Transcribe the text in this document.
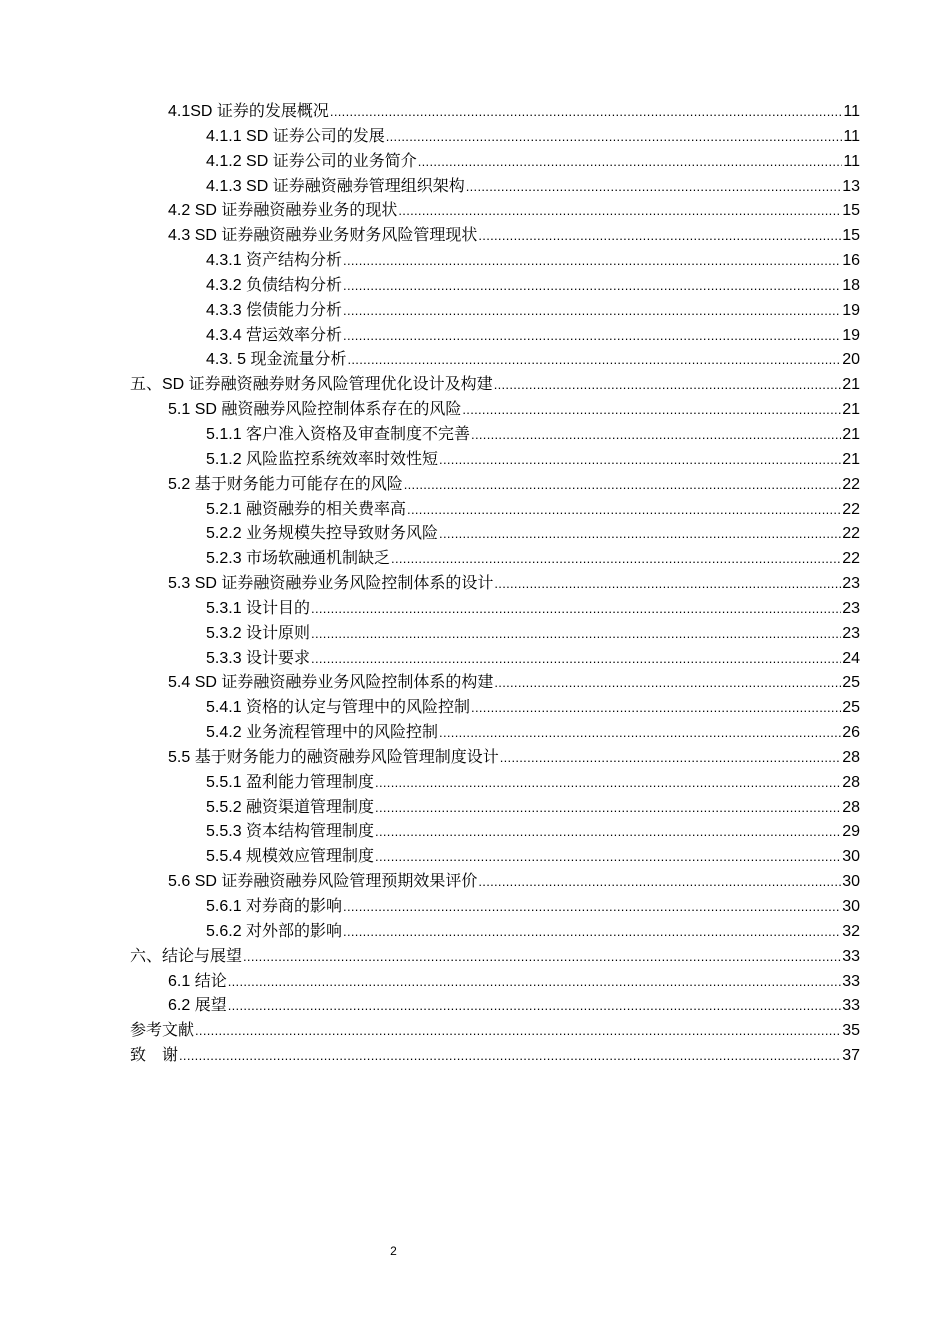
4.1SD 证券的发展概况 .....	11
4.1.1 SD 证券公司的发展 .....	11
4.1.2 SD 证券公司的业务简介 .....	11
4.1.3 SD 证券融资融券管理组织架构 .....	13
4.2 SD 证券融资融券业务的现状 .....	15
4.3 SD 证券融资融券业务财务风险管理现状 .....	15
4.3.1 资产结构分析 .....	16
4.3.2 负债结构分析 .....	18
4.3.3 偿债能力分析 .....	19
4.3.4 营运效率分析 .....	19
4.3. 5 现金流量分析 .....	20
五、SD 证券融资融券财务风险管理优化设计及构建 .....	21
5.1 SD 融资融券风险控制体系存在的风险 .....	21
5.1.1 客户准入资格及审查制度不完善 .....	21
5.1.2 风险监控系统效率时效性短 .....	21
5.2 基于财务能力可能存在的风险 .....	22
5.2.1 融资融券的相关费率高 .....	22
5.2.2 业务规模失控导致财务风险 .....	22
5.2.3 市场软融通机制缺乏 .....	22
5.3 SD 证券融资融券业务风险控制体系的设计 .....	23
5.3.1 设计目的 .....	23
5.3.2 设计原则 .....	23
5.3.3 设计要求 .....	24
5.4 SD 证券融资融券业务风险控制体系的构建 .....	25
5.4.1 资格的认定与管理中的风险控制 .....	25
5.4.2 业务流程管理中的风险控制 .....	26
5.5 基于财务能力的融资融券风险管理制度设计 .....	28
5.5.1 盈利能力管理制度 .....	28
5.5.2 融资渠道管理制度 .....	28
5.5.3 资本结构管理制度 .....	29
5.5.4 规模效应管理制度 .....	30
5.6 SD 证券融资融券风险管理预期效果评价 .....	30
5.6.1 对券商的影响 .....	30
5.6.2 对外部的影响 .....	32
六、结论与展望 .....	33
6.1 结论 .....	33
6.2 展望 .....	33
参考文献 .....	35
致　谢 .....	37
2
